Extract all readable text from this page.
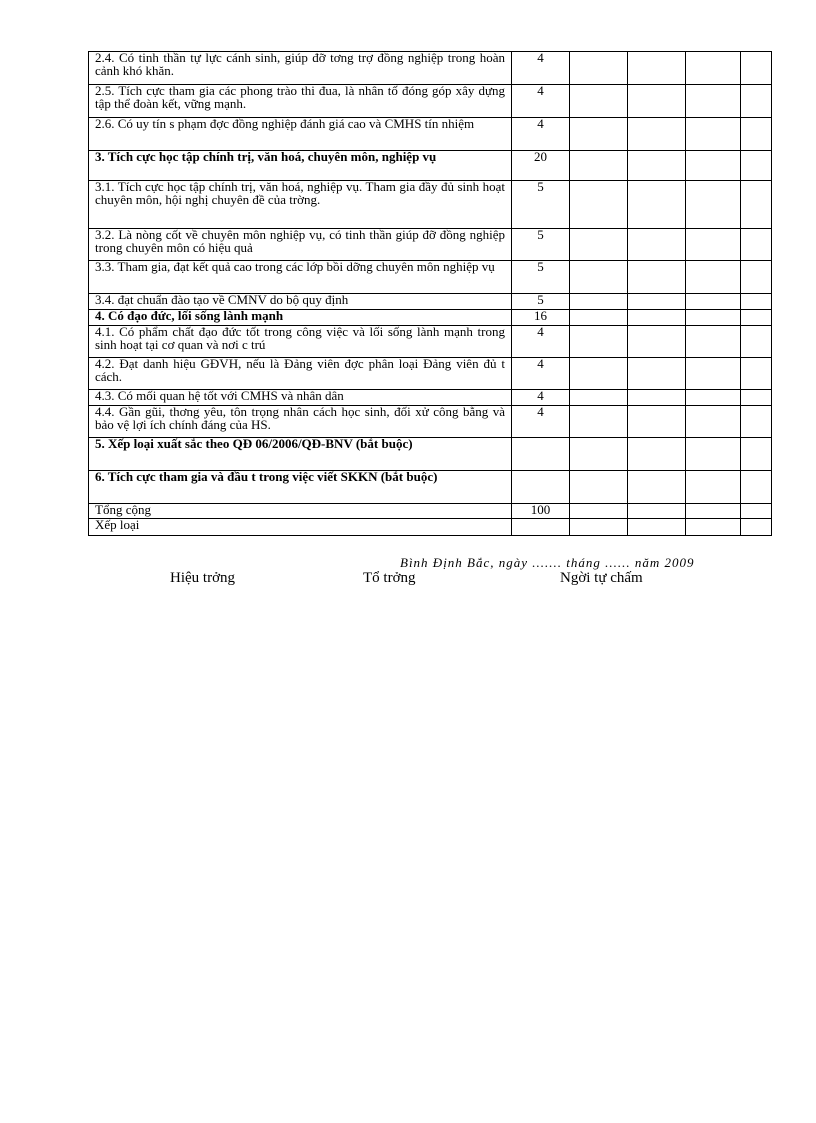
2.4. Có tinh thần tự lực cánh sinh, giúp đỡ tơng trợ đồng nghiệp trong hoàn cảnh khó khăn.	4				
2.5. Tích cực tham gia các phong trào thi đua, là nhân tố đóng góp xây dựng tập thể đoàn kết, vững mạnh.	4				
2.6. Có uy tín s phạm đợc đồng nghiệp đánh giá cao và CMHS tín nhiệm	4				
3. Tích cực học tập chính trị, văn hoá, chuyên môn, nghiệp vụ	20				
3.1. Tích cực học tập chính trị, văn hoá, nghiệp vụ. Tham gia đầy đủ sinh hoạt chuyên môn, hội nghị chuyên đề của trờng.	5				
3.2. Là nòng cốt về chuyên môn nghiệp vụ, có tinh thần giúp đỡ đồng nghiệp trong chuyên môn có hiệu quả	5				
3.3. Tham gia, đạt kết quả cao trong các lớp bồi dỡng chuyên môn nghiệp vụ	5				
3.4. đạt chuẩn đào tạo về CMNV do bộ quy định	5				
4. Có đạo đức, lối sống lành mạnh	16				
4.1. Có phẩm chất đạo đức tốt trong công việc và lối sống lành mạnh trong sinh hoạt tại cơ quan và nơi c trú	4				
4.2. Đạt danh hiệu GĐVH, nếu là Đảng viên đợc phân loại Đảng viên đủ t cách.	4				
4.3. Có mối quan hệ tốt với CMHS và nhân dân	4				
4.4. Gần gũi, thơng yêu, tôn trọng nhân cách học sinh, đối xử công bằng và bảo vệ lợi ích chính đáng của HS.	4				
5. Xếp loại xuất sắc theo QĐ 06/2006/QĐ-BNV (bắt buộc)					
6. Tích cực tham gia và đầu t trong việc viết SKKN (bắt buộc)					
Tổng cộng	100				
Xếp loại					
Bình Định Bắc, ngày ....... tháng ...... năm 2009
Hiệu trởng	Tổ trởng	Ngời tự chấm
